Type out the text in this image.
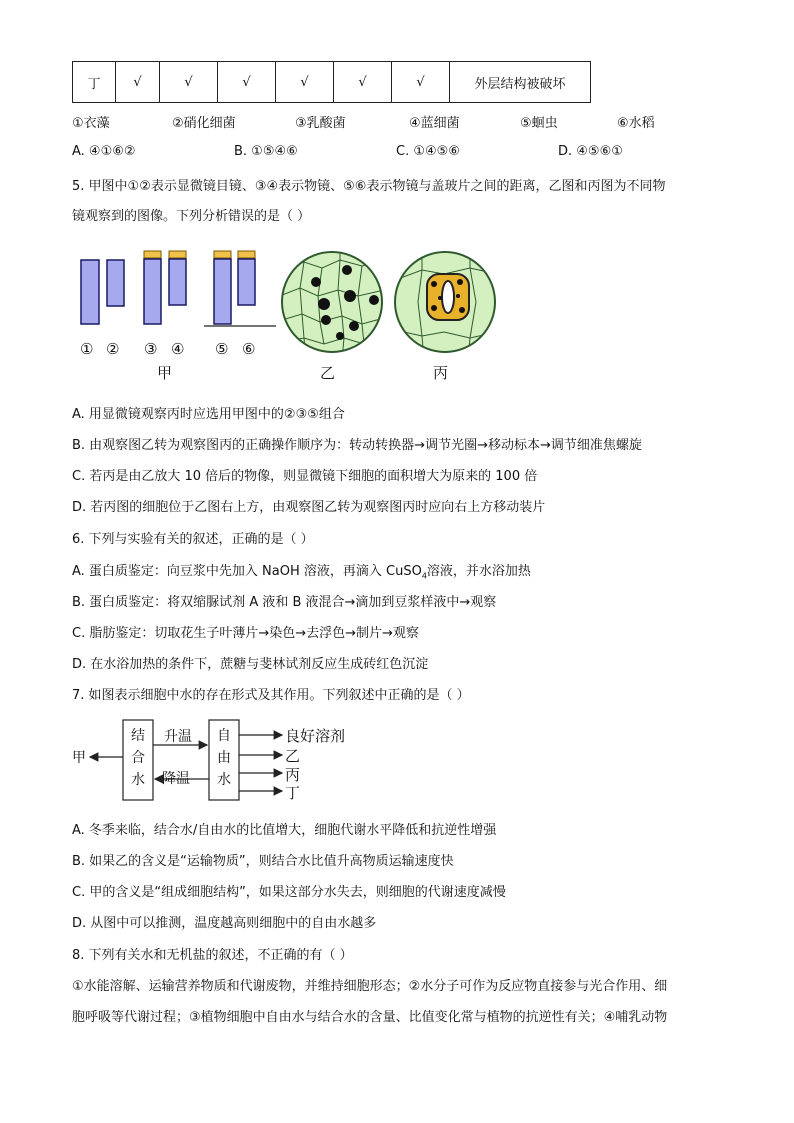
丁	√	√	√	√	√	√	外层结构被破坏
①衣藻	②硝化细菌	③乳酸菌	④蓝细菌	⑤蛔虫	⑥水稻
A. ④①⑥②	B. ①⑤④⑥	C. ①④⑤⑥	D. ④⑤⑥①
5. 甲图中①②表示显微镜目镜、③④表示物镜、⑤⑥表示物镜与盖玻片之间的距离，乙图和丙图为不同物
镜观察到的图像。下列分析错误的是（ ）
① ② ③ ④ ⑤ ⑥
甲	乙	丙
A. 用显微镜观察丙时应选用甲图中的②③⑤组合
B. 由观察图乙转为观察图丙的正确操作顺序为：转动转换器→调节光圈→移动标本→调节细准焦螺旋
C. 若丙是由乙放大 10 倍后的物像，则显微镜下细胞的面积增大为原来的 100 倍
D. 若丙图的细胞位于乙图右上方，由观察图乙转为观察图丙时应向右上方移动装片
6. 下列与实验有关的叙述，正确的是（ ）
A. 蛋白质鉴定：向豆浆中先加入 NaOH 溶液，再滴入 CuSO$_4$溶液，并水浴加热
B. 蛋白质鉴定：将双缩脲试剂 A 液和 B 液混合→滴加到豆浆样液中→观察
C. 脂肪鉴定：切取花生子叶薄片→染色→去浮色→制片→观察
D. 在水浴加热的条件下，蔗糖与斐林试剂反应生成砖红色沉淀
7. 如图表示细胞中水的存在形式及其作用。下列叙述中正确的是（ ）
结
合
水
自
由
水
升温
降温
甲
良好溶剂
乙
丙
丁
A. 冬季来临，结合水/自由水的比值增大，细胞代谢水平降低和抗逆性增强
B. 如果乙的含义是“运输物质”，则结合水比值升高物质运输速度快
C. 甲的含义是“组成细胞结构”，如果这部分水失去，则细胞的代谢速度减慢
D. 从图中可以推测，温度越高则细胞中的自由水越多
8. 下列有关水和无机盐的叙述，不正确的有（ ）
①水能溶解、运输营养物质和代谢废物，并维持细胞形态；②水分子可作为反应物直接参与光合作用、细
胞呼吸等代谢过程；③植物细胞中自由水与结合水的含量、比值变化常与植物的抗逆性有关；④哺乳动物
